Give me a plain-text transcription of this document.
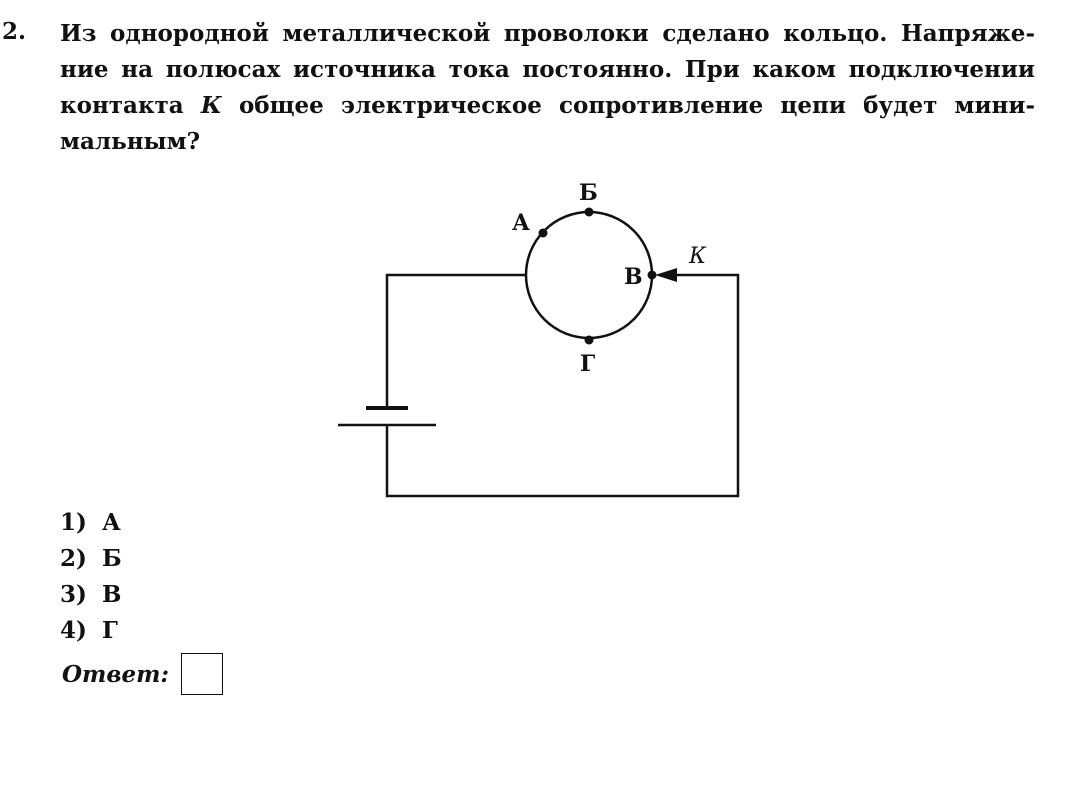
2. Из однородной металлической проволоки сделано кольцо. Напряже-
ние на полюсах источника тока постоянно. При каком подключении
контакта К общее электрическое сопротивление цепи будет мини-
мальным?
А
Б
В
Г
К
1) А
2) Б
3) В
4) Г
Ответ:
